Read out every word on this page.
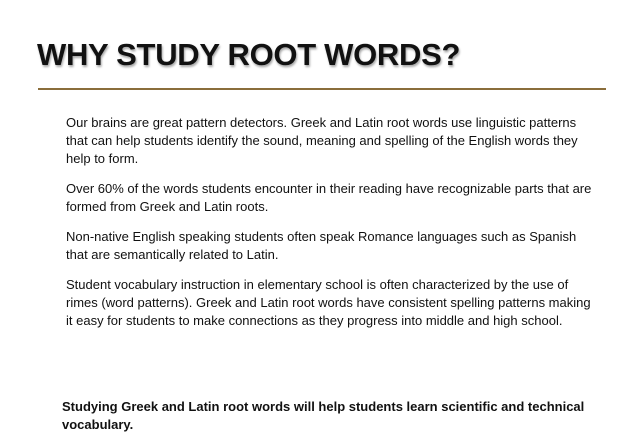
WHY STUDY ROOT WORDS?

Our brains are great pattern detectors. Greek and Latin root words use linguistic patterns that can help students identify the sound, meaning and spelling of the English words they help to form.

Over 60% of the words students encounter in their reading have recognizable parts that are formed from Greek and Latin roots.

Non-native English speaking students often speak Romance languages such as Spanish that are semantically related to Latin.

Student vocabulary instruction in elementary school is often characterized by the use of rimes (word patterns). Greek and Latin root words have consistent spelling patterns making it easy for students to make connections as they progress into middle and high school.

Studying Greek and Latin root words will help students learn scientific and technical vocabulary.
